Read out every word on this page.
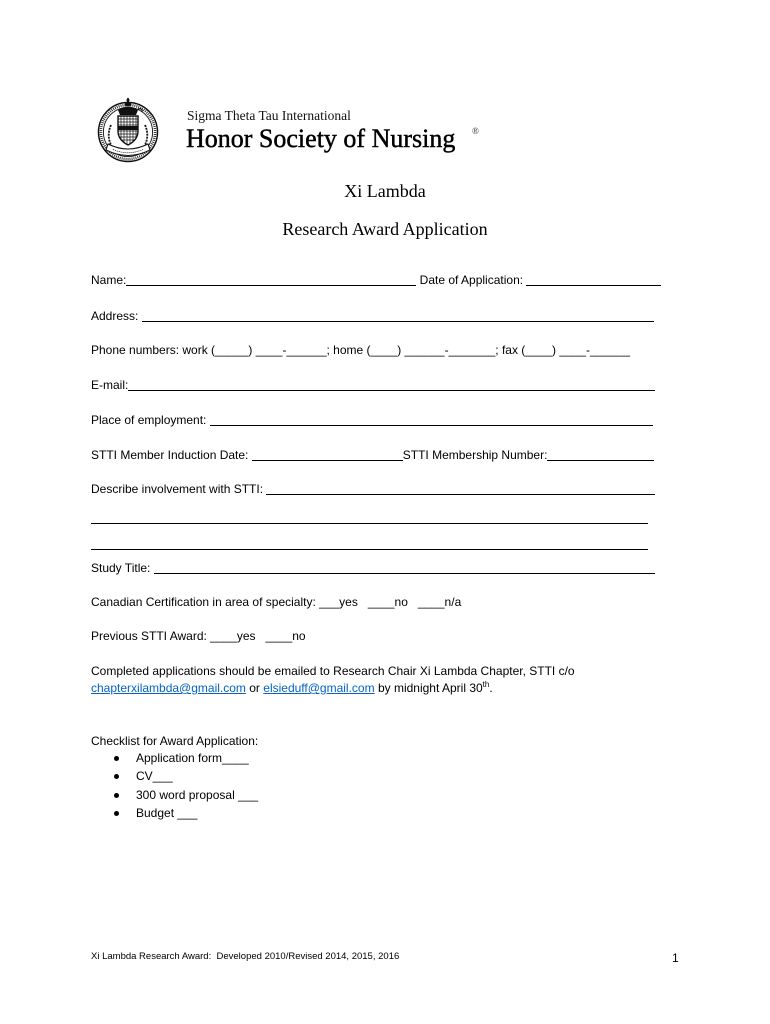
Sigma Theta Tau International
Honor Society of Nursing ®
Xi Lambda
Research Award Application
Name:	Date of Application:
Address:
Phone numbers: work (_____) ____-______; home (____) ______-_______; fax (____) ____-______
E-mail:
Place of employment:
STTI Member Induction Date:	STTI Membership Number:
Describe involvement with STTI:
Study Title:
Canadian Certification in area of specialty: ___yes   ____no   ____n/a
Previous STTI Award: ____yes   ____no
Completed applications should be emailed to Research Chair Xi Lambda Chapter, STTI c/o
chapterxilambda@gmail.com or elsieduff@gmail.com by midnight April 30th.
Checklist for Award Application:
Application form____
CV___
300 word proposal ___
Budget ___
Xi Lambda Research Award:  Developed 2010/Revised 2014, 2015, 2016	1
